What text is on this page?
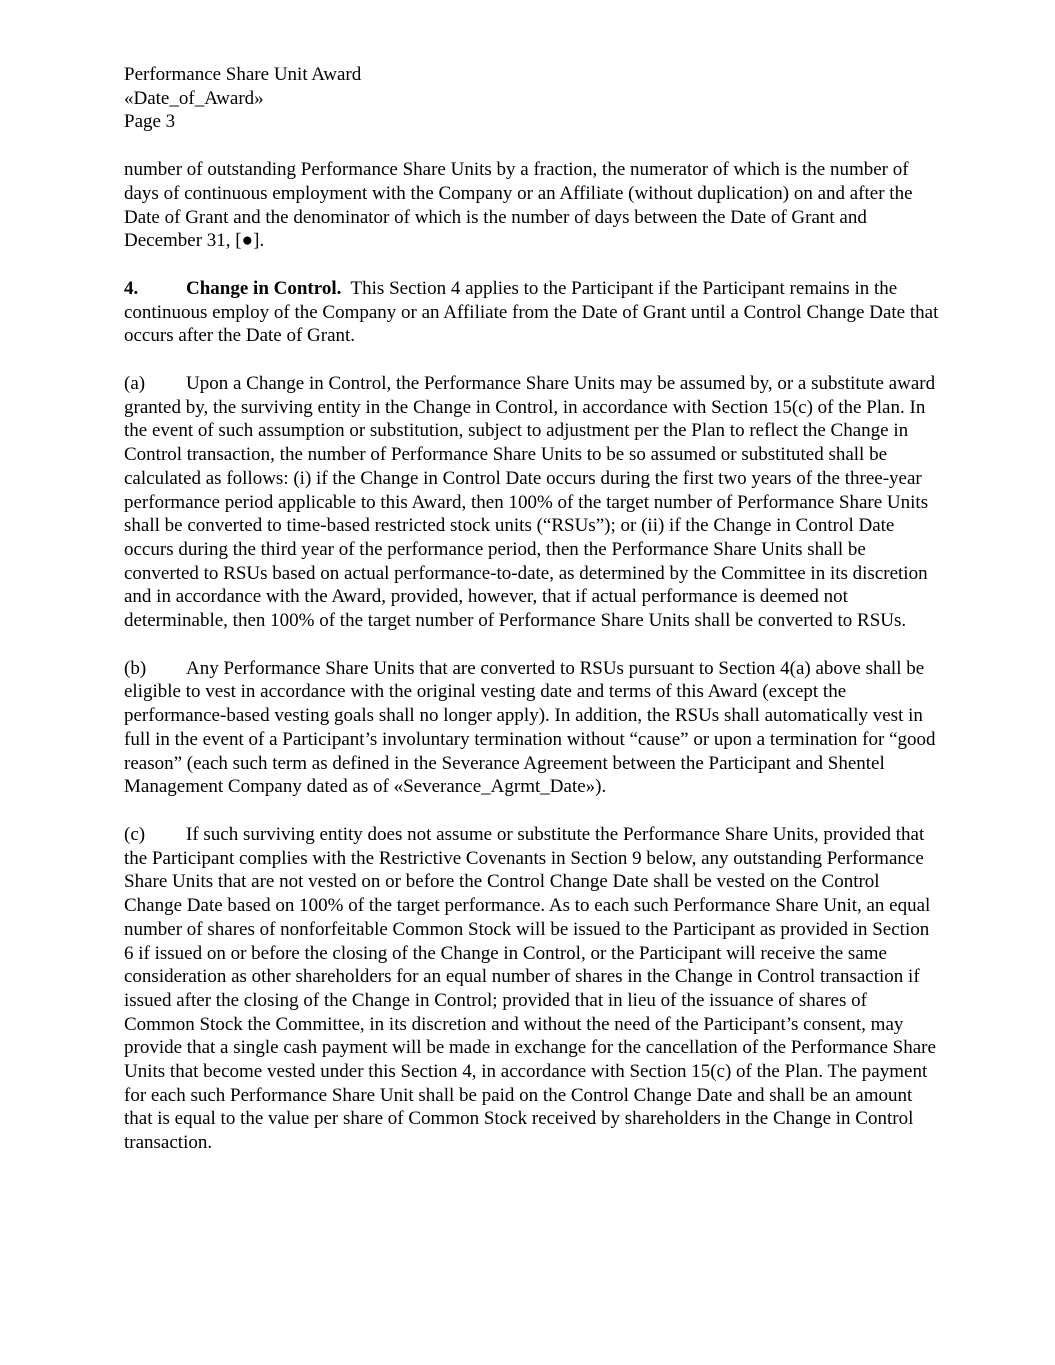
Performance Share Unit Award
«Date_of_Award»
Page 3

number of outstanding Performance Share Units by a fraction, the numerator of which is the number of days of continuous employment with the Company or an Affiliate (without duplication) on and after the Date of Grant and the denominator of which is the number of days between the Date of Grant and December 31, [●].

4.	Change in Control. This Section 4 applies to the Participant if the Participant remains in the continuous employ of the Company or an Affiliate from the Date of Grant until a Control Change Date that occurs after the Date of Grant.

(a) Upon a Change in Control, the Performance Share Units may be assumed by, or a substitute award granted by, the surviving entity in the Change in Control, in accordance with Section 15(c) of the Plan. In the event of such assumption or substitution, subject to adjustment per the Plan to reflect the Change in Control transaction, the number of Performance Share Units to be so assumed or substituted shall be calculated as follows: (i) if the Change in Control Date occurs during the first two years of the three-year performance period applicable to this Award, then 100% of the target number of Performance Share Units shall be converted to time-based restricted stock units (“RSUs”); or (ii) if the Change in Control Date occurs during the third year of the performance period, then the Performance Share Units shall be converted to RSUs based on actual performance-to-date, as determined by the Committee in its discretion and in accordance with the Award, provided, however, that if actual performance is deemed not determinable, then 100% of the target number of Performance Share Units shall be converted to RSUs.

(b) Any Performance Share Units that are converted to RSUs pursuant to Section 4(a) above shall be eligible to vest in accordance with the original vesting date and terms of this Award (except the performance-based vesting goals shall no longer apply). In addition, the RSUs shall automatically vest in full in the event of a Participant’s involuntary termination without “cause” or upon a termination for “good reason” (each such term as defined in the Severance Agreement between the Participant and Shentel Management Company dated as of «Severance_Agrmt_Date»).

(c) If such surviving entity does not assume or substitute the Performance Share Units, provided that the Participant complies with the Restrictive Covenants in Section 9 below, any outstanding Performance Share Units that are not vested on or before the Control Change Date shall be vested on the Control Change Date based on 100% of the target performance. As to each such Performance Share Unit, an equal number of shares of nonforfeitable Common Stock will be issued to the Participant as provided in Section 6 if issued on or before the closing of the Change in Control, or the Participant will receive the same consideration as other shareholders for an equal number of shares in the Change in Control transaction if issued after the closing of the Change in Control; provided that in lieu of the issuance of shares of Common Stock the Committee, in its discretion and without the need of the Participant’s consent, may provide that a single cash payment will be made in exchange for the cancellation of the Performance Share Units that become vested under this Section 4, in accordance with Section 15(c) of the Plan. The payment for each such Performance Share Unit shall be paid on the Control Change Date and shall be an amount that is equal to the value per share of Common Stock received by shareholders in the Change in Control transaction.
